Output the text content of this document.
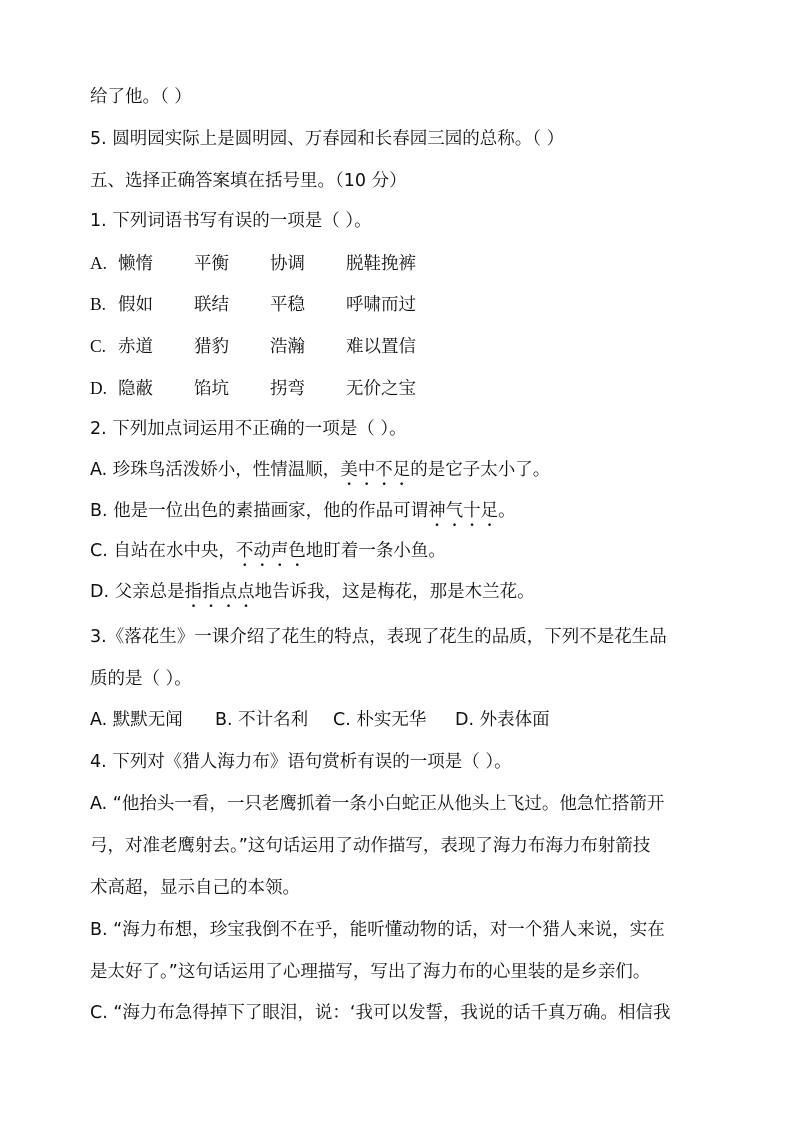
给了他。（ ）
5. 圆明园实际上是圆明园、万春园和长春园三园的总称。（ ）
五、选择正确答案填在括号里。（10 分）
1. 下列词语书写有误的一项是（ ）。
A. 懒惰 平衡 协调 脱鞋挽裤
B. 假如 联结 平稳 呼啸而过
C. 赤道 猎豹 浩瀚 难以置信
D. 隐蔽 馅坑 拐弯 无价之宝
2. 下列加点词运用不正确的一项是（ ）。
A. 珍珠鸟活泼娇小，性情温顺，美中不足的是它子太小了。
B. 他是一位出色的素描画家，他的作品可谓神气十足。
C. 自站在水中央，不动声色地盯着一条小鱼。
D. 父亲总是指指点点地告诉我，这是梅花，那是木兰花。
3.《落花生》一课介绍了花生的特点，表现了花生的品质，下列不是花生品
质的是（ ）。
A. 默默无闻 B. 不计名利 C. 朴实无华 D. 外表体面
4. 下列对《猎人海力布》语句赏析有误的一项是（ ）。
A. “他抬头一看，一只老鹰抓着一条小白蛇正从他头上飞过。他急忙搭箭开
弓，对准老鹰射去。”这句话运用了动作描写，表现了海力布海力布射箭技
术高超，显示自己的本领。
B. “海力布想，珍宝我倒不在乎，能听懂动物的话，对一个猎人来说，实在
是太好了。”这句话运用了心理描写，写出了海力布的心里装的是乡亲们。
C. “海力布急得掉下了眼泪，说：‘我可以发誓，我说的话千真万确。相信我
